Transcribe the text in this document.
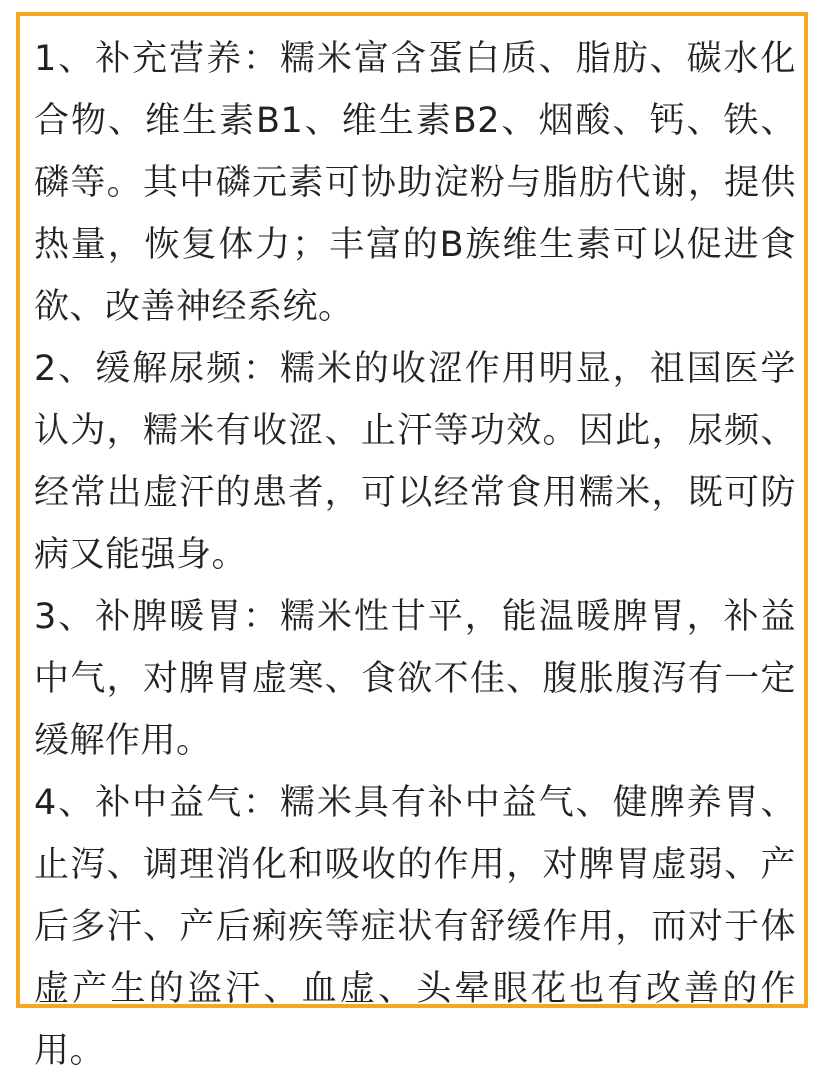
1、补充营养：糯米富含蛋白质、脂肪、碳水化合物、维生素B1、维生素B2、烟酸、钙、铁、磷等。其中磷元素可协助淀粉与脂肪代谢，提供热量，恢复体力；丰富的B族维生素可以促进食欲、改善神经系统。

2、缓解尿频：糯米的收涩作用明显，祖国医学认为，糯米有收涩、止汗等功效。因此，尿频、经常出虚汗的患者，可以经常食用糯米，既可防病又能强身。

3、补脾暖胃：糯米性甘平，能温暖脾胃，补益中气，对脾胃虚寒、食欲不佳、腹胀腹泻有一定缓解作用。

4、补中益气：糯米具有补中益气、健脾养胃、止泻、调理消化和吸收的作用，对脾胃虚弱、产后多汗、产后痢疾等症状有舒缓作用，而对于体虚产生的盗汗、血虚、头晕眼花也有改善的作用。
